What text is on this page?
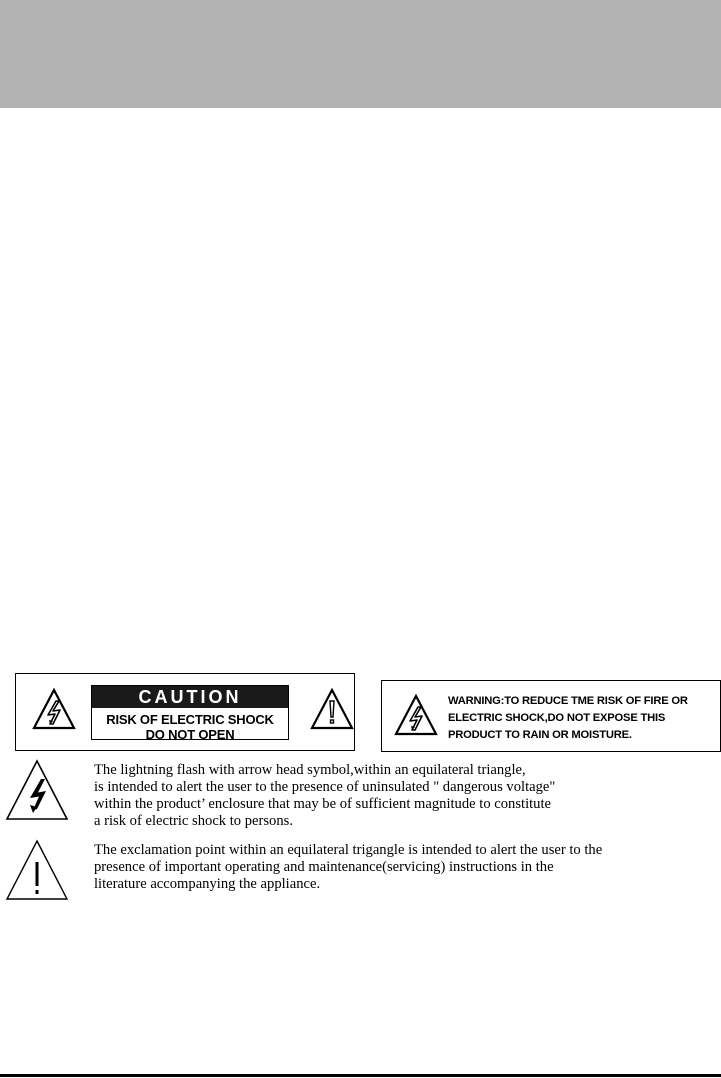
CAUTION
RISK OF ELECTRIC SHOCK
DO NOT OPEN
WARNING:TO REDUCE TME RISK OF FIRE OR
ELECTRIC SHOCK,DO NOT EXPOSE THIS
PRODUCT TO RAIN OR MOISTURE.
The lightning flash with arrow head symbol,within an equilateral triangle,
is intended to alert the user to the presence of uninsulated " dangerous voltage"
within the product’ enclosure that may be of sufficient magnitude to constitute
a risk of electric shock to persons.
The exclamation point within an equilateral trigangle is intended to alert the user to the
presence of important operating and maintenance(servicing) instructions in the
literature accompanying the appliance.
